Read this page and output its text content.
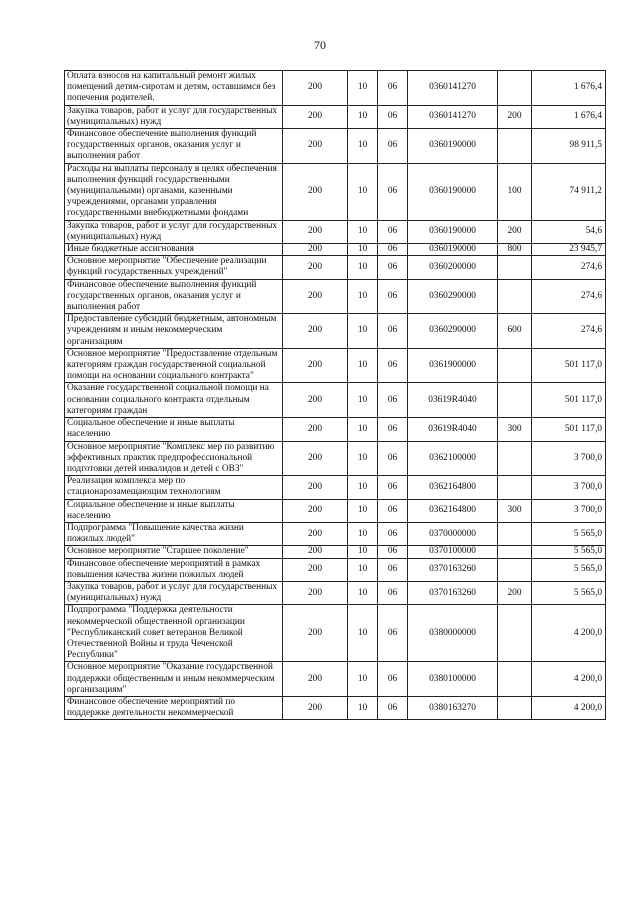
70
Оплата взносов на капитальный ремонт жилых помещений детям-сиротам и детям, оставшимся без попечения родителей.	200	10	06	0360141270		1 676,4
Закупка товаров, работ и услуг для государственных (муниципальных) нужд	200	10	06	0360141270	200	1 676,4
Финансовое обеспечение выполнения функций государственных органов, оказания услуг и выполнения работ	200	10	06	0360190000		98 911,5
Расходы на выплаты персоналу в целях обеспечения выполнения функций государственными (муниципальными) органами, казенными учреждениями, органами управления государственными внебюджетными фондами	200	10	06	0360190000	100	74 911,2
Закупка товаров, работ и услуг для государственных (муниципальных) нужд	200	10	06	0360190000	200	54,6
Иные бюджетные ассигнования	200	10	06	0360190000	800	23 945,7
Основное мероприятие "Обеспечение реализации функций государственных учреждений"	200	10	06	0360200000		274,6
Финансовое обеспечение выполнения функций государственных органов, оказания услуг и выполнения работ	200	10	06	0360290000		274,6
Предоставление субсидий бюджетным, автономным учреждениям и иным некоммерческим организациям	200	10	06	0360290000	600	274,6
Основное мероприятие "Предоставление отдельным категориям граждан государственной социальной помощи на основании социального контракта"	200	10	06	0361900000		501 117,0
Оказание государственной социальной помощи на основании социального контракта отдельным категориям граждан	200	10	06	03619R4040		501 117,0
Социальное обеспечение и иные выплаты населению	200	10	06	03619R4040	300	501 117,0
Основное мероприятие "Комплекс мер по развитию эффективных практик предпрофессиональной подготовки детей инвалидов и детей с ОВЗ"	200	10	06	0362100000		3 700,0
Реализация комплекса мер по стационарозамещающим технологиям	200	10	06	0362164800		3 700,0
Социальное обеспечение и иные выплаты населению	200	10	06	0362164800	300	3 700,0
Подпрограмма "Повышение качества жизни пожилых людей"	200	10	06	0370000000		5 565,0
Основное мероприятие "Старшее поколение"	200	10	06	0370100000		5 565,0
Финансовое обеспечение мероприятий в рамках повышения качества жизни пожилых людей	200	10	06	0370163260		5 565,0
Закупка товаров, работ и услуг для государственных (муниципальных) нужд	200	10	06	0370163260	200	5 565,0
Подпрограмма "Поддержка деятельности некоммерческой общественной организации "Республиканский совет ветеранов Великой Отечественной Войны и труда Чеченской Республики"	200	10	06	0380000000		4 200,0
Основное мероприятие "Оказание государственной поддержки общественным и иным некоммерческим организациям"	200	10	06	0380100000		4 200,0
Финансовое обеспечение мероприятий по поддержке деятельности некоммерческой	200	10	06	0380163270		4 200,0
